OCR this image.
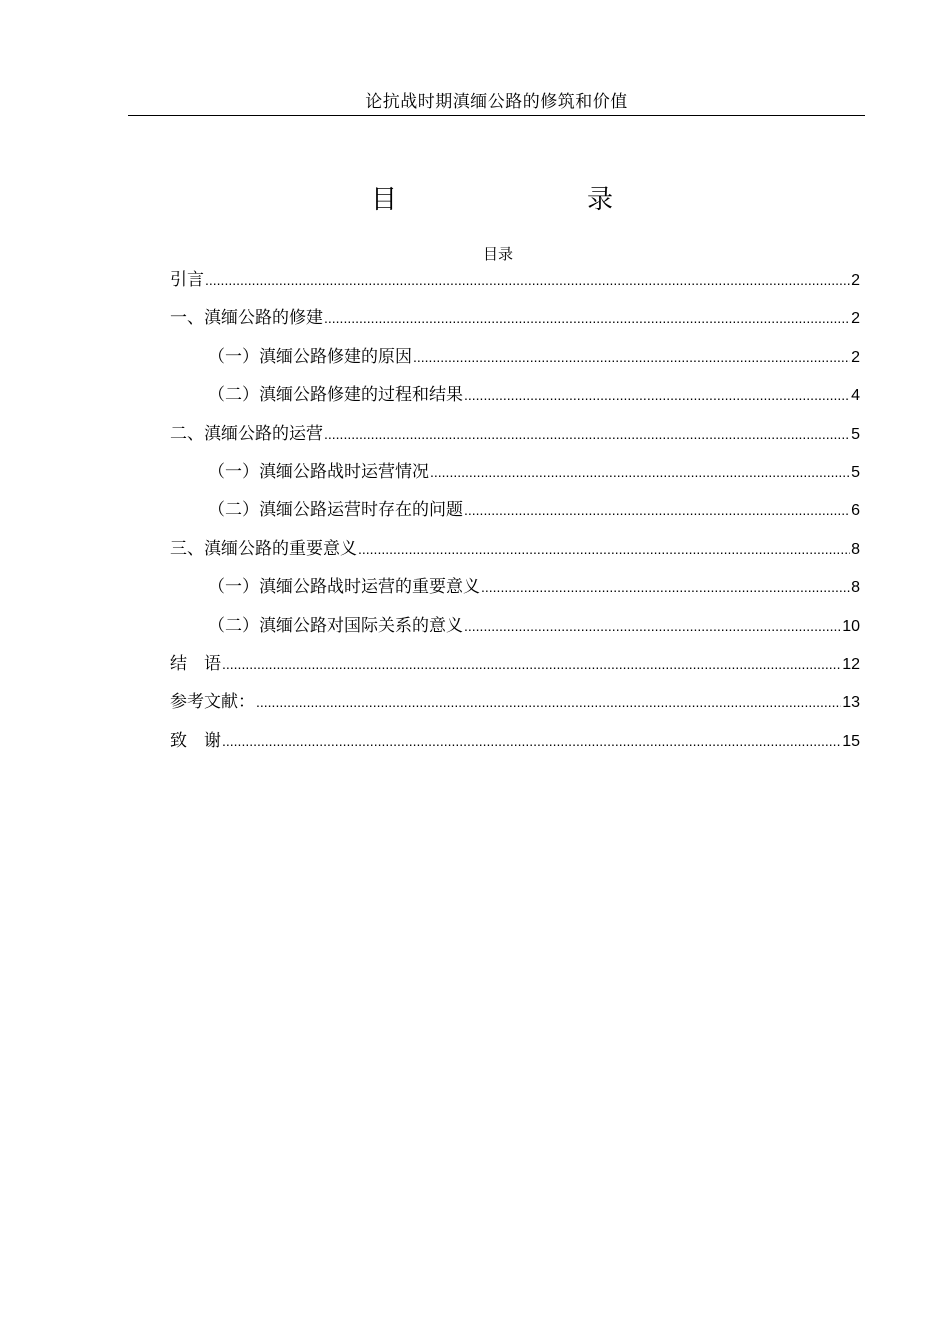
论抗战时期滇缅公路的修筑和价值
目　　录
目录
引言 .....	2
一、滇缅公路的修建 .....	2
（一）滇缅公路修建的原因 .....	2
（二）滇缅公路修建的过程和结果 .....	4
二、滇缅公路的运营 .....	5
（一）滇缅公路战时运营情况 .....	5
（二）滇缅公路运营时存在的问题 .....	6
三、滇缅公路的重要意义 .....	8
（一）滇缅公路战时运营的重要意义 .....	8
（二）滇缅公路对国际关系的意义 .....	10
结　语 .....	12
参考文献： .....	13
致　谢 .....	15
